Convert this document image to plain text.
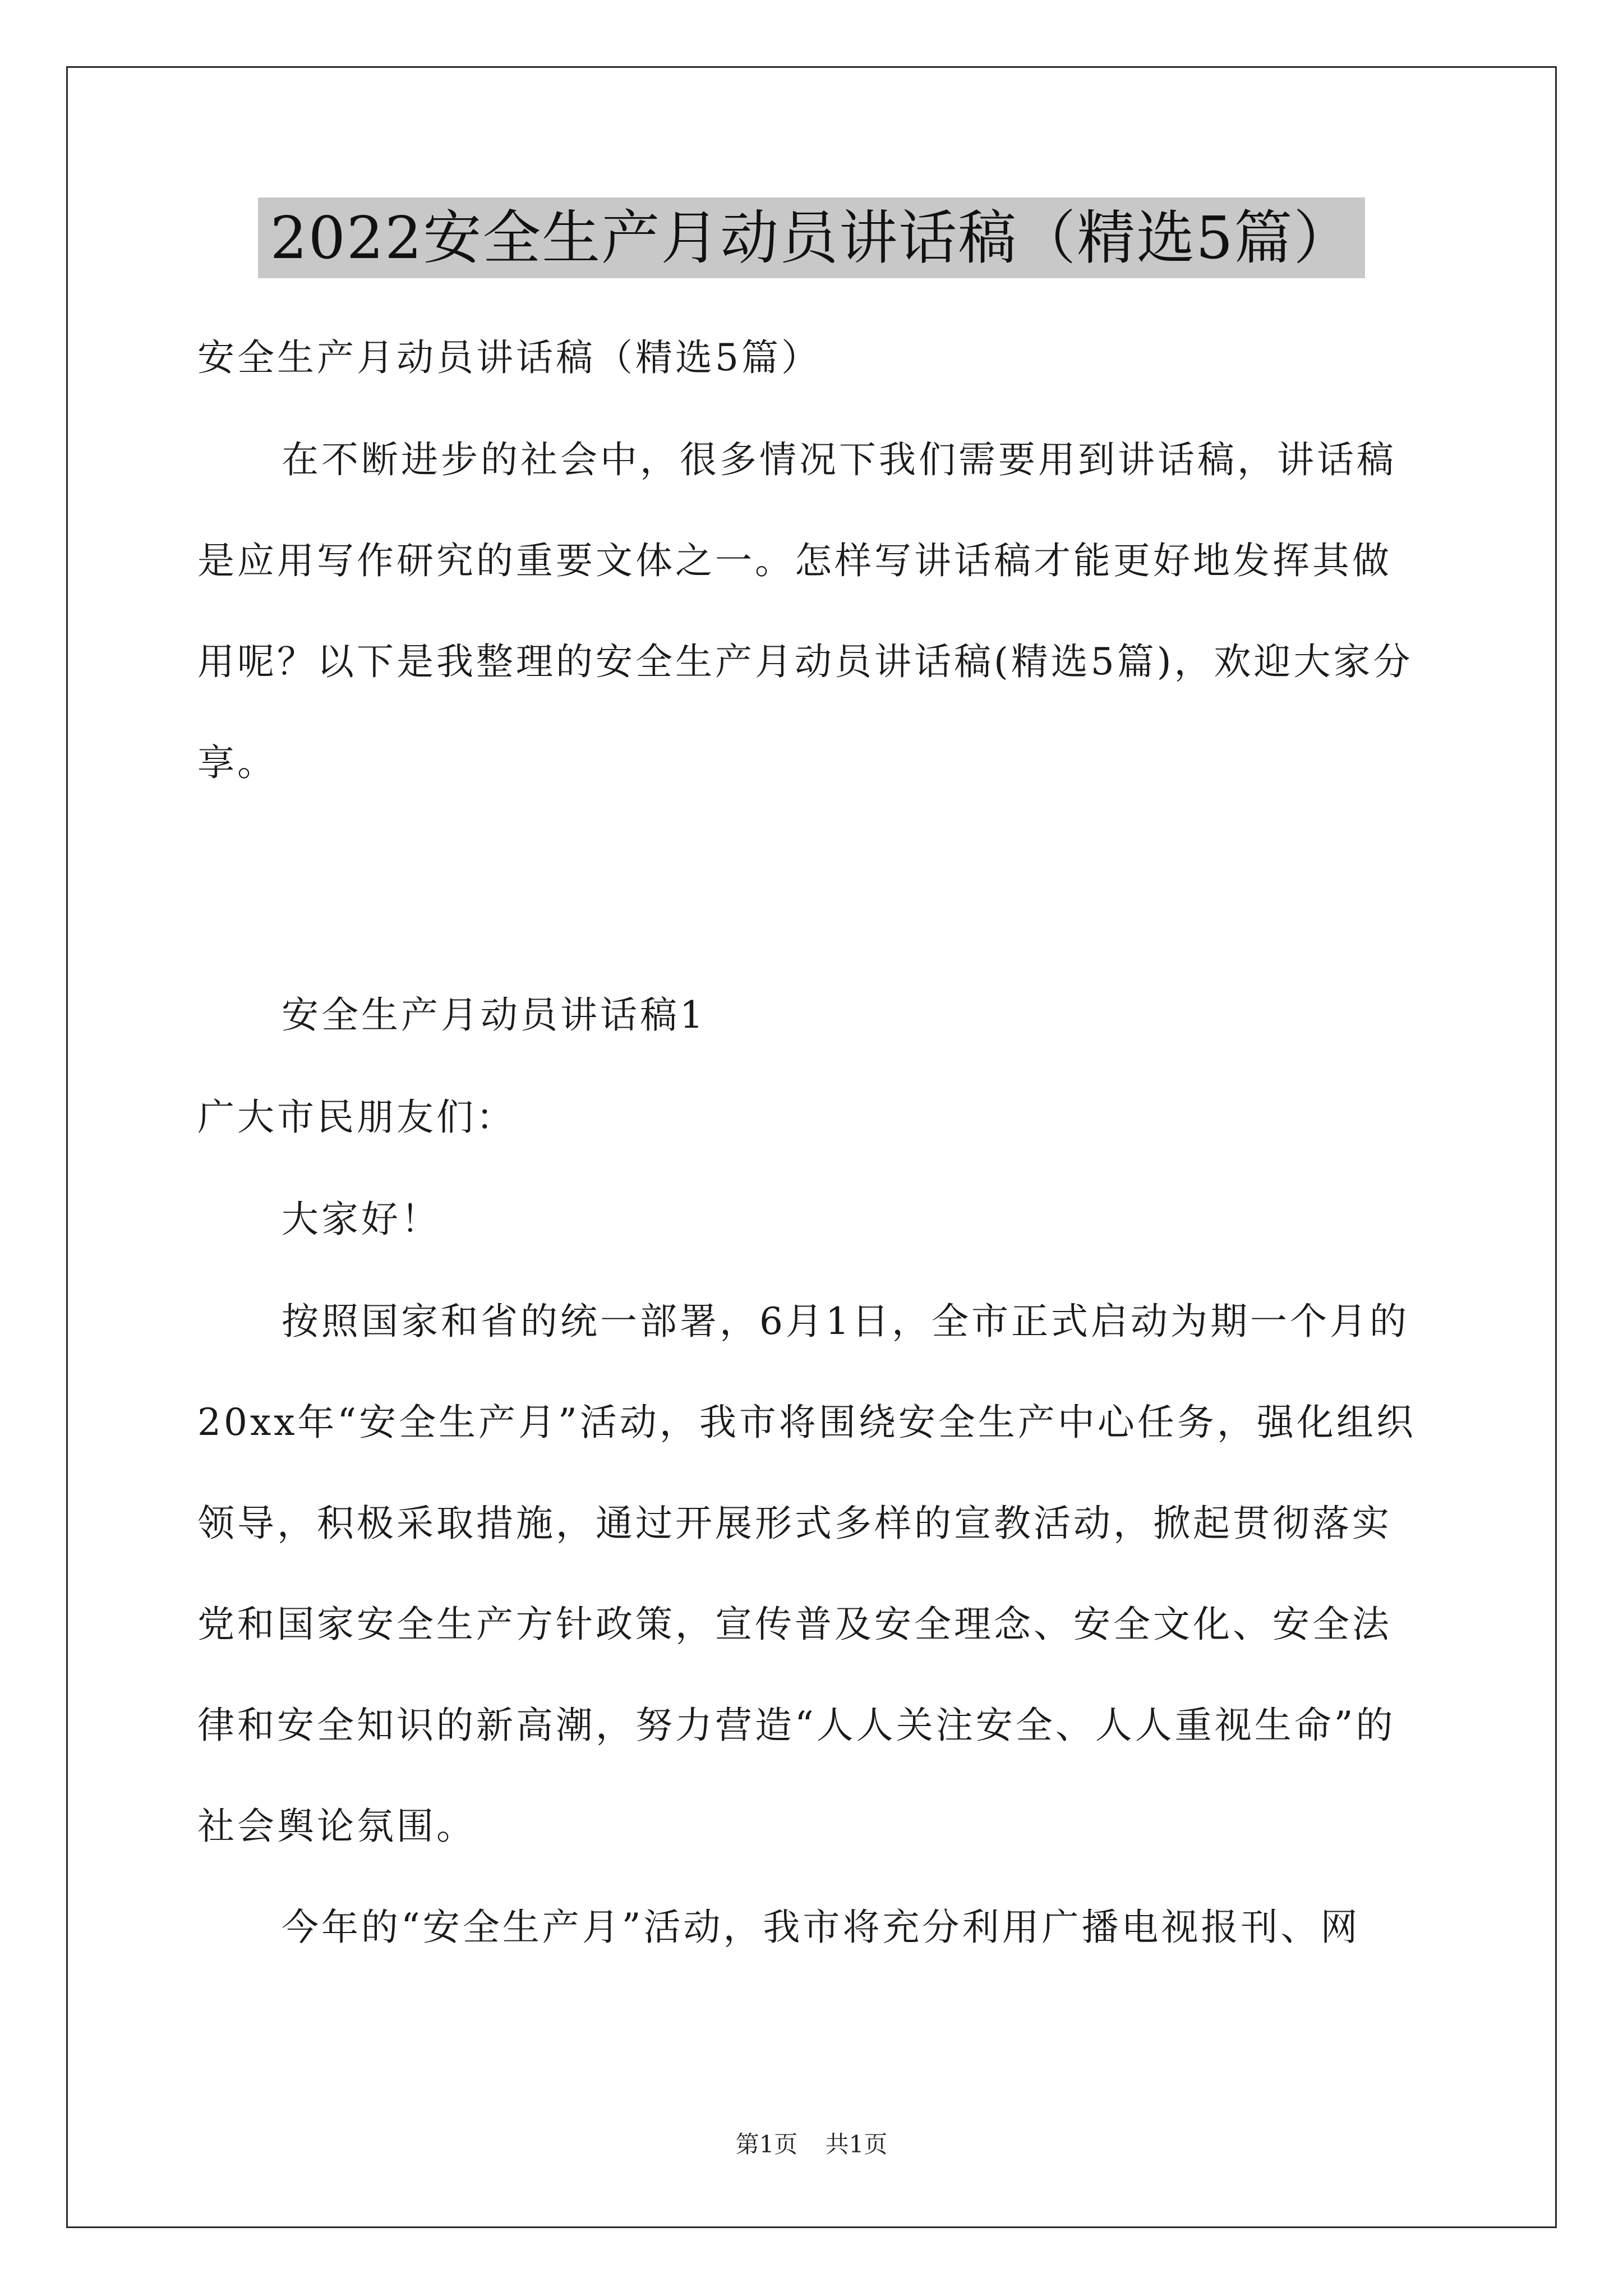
2022安全生产月动员讲话稿（精选5篇）

安全生产月动员讲话稿（精选5篇）

在不断进步的社会中，很多情况下我们需要用到讲话稿，讲话稿是应用写作研究的重要文体之一。怎样写讲话稿才能更好地发挥其做用呢？以下是我整理的安全生产月动员讲话稿(精选5篇)，欢迎大家分享。

安全生产月动员讲话稿1

广大市民朋友们：

大家好！

按照国家和省的统一部署，6月1日，全市正式启动为期一个月的20xx年“安全生产月”活动，我市将围绕安全生产中心任务，强化组织领导，积极采取措施，通过开展形式多样的宣教活动，掀起贯彻落实党和国家安全生产方针政策，宣传普及安全理念、安全文化、安全法律和安全知识的新高潮，努力营造“人人关注安全、人人重视生命”的社会舆论氛围。

今年的“安全生产月”活动，我市将充分利用广播电视报刊、网

第1页 共1页
